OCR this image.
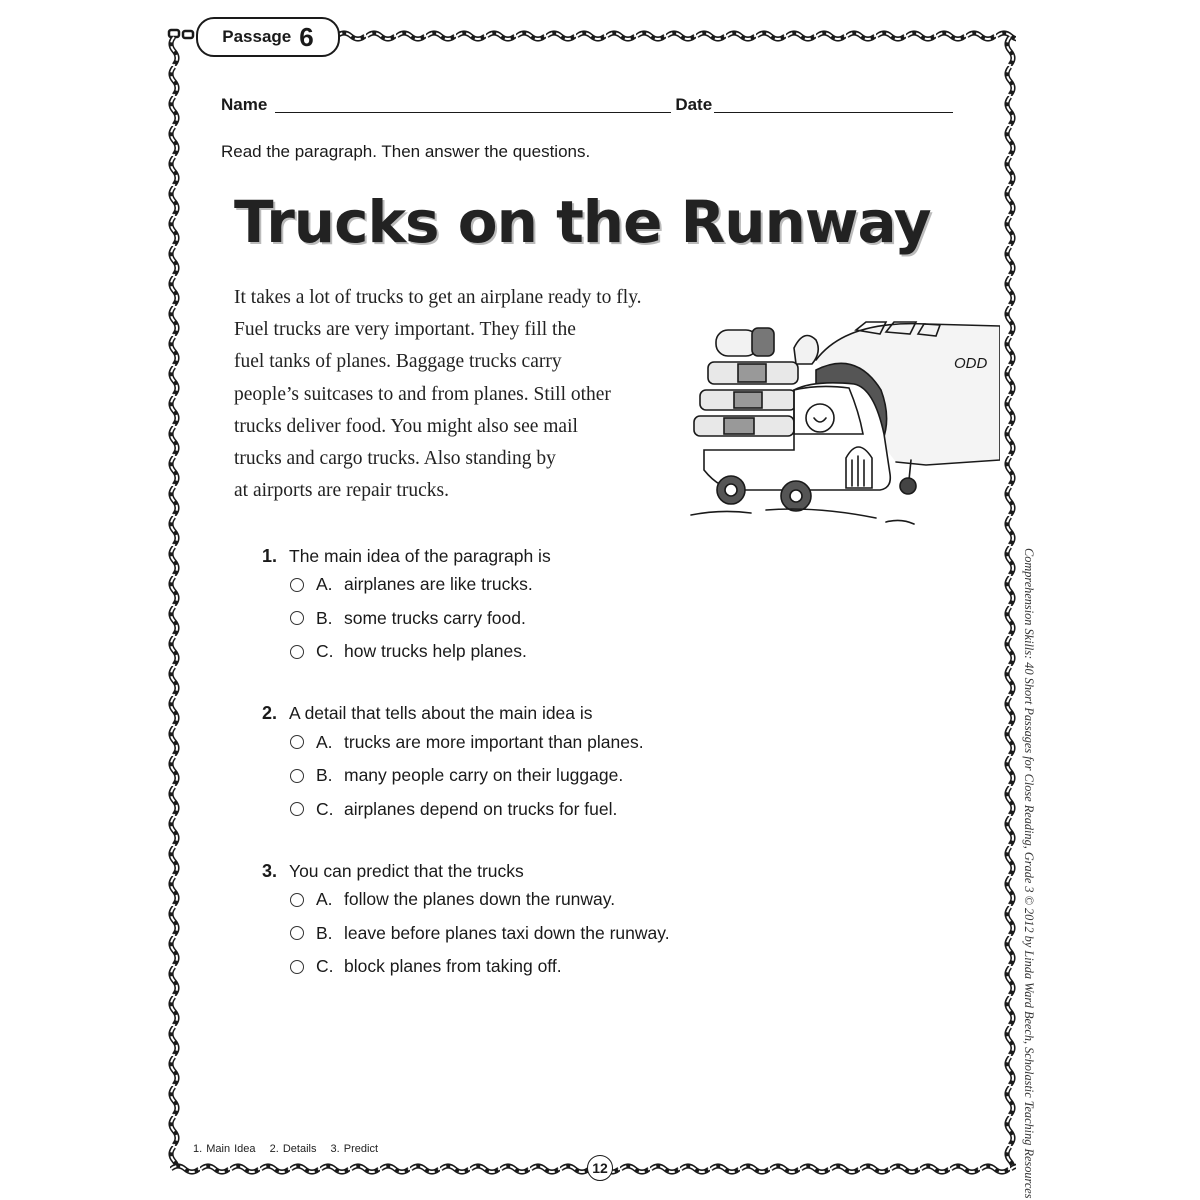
Passage 6
Name	Date
Read the paragraph. Then answer the questions.
Trucks on the Runway
It takes a lot of trucks to get an airplane ready to fly.
Fuel trucks are very important. They fill the
fuel tanks of planes. Baggage trucks carry
people’s suitcases to and from planes. Still other
trucks deliver food. You might also see mail
trucks and cargo trucks. Also standing by
at airports are repair trucks.
ODD
1. The main idea of the paragraph is
A. airplanes are like trucks.
B. some trucks carry food.
C. how trucks help planes.
2. A detail that tells about the main idea is
A. trucks are more important than planes.
B. many people carry on their luggage.
C. airplanes depend on trucks for fuel.
3. You can predict that the trucks
A. follow the planes down the runway.
B. leave before planes taxi down the runway.
C. block planes from taking off.	Comprehension Skills: 40 Short Passages for Close Reading, Grade 3 © 2012 by Linda Ward Beech, Scholastic Teaching Resources
1. Main Idea 2. Details 3. Predict
12
